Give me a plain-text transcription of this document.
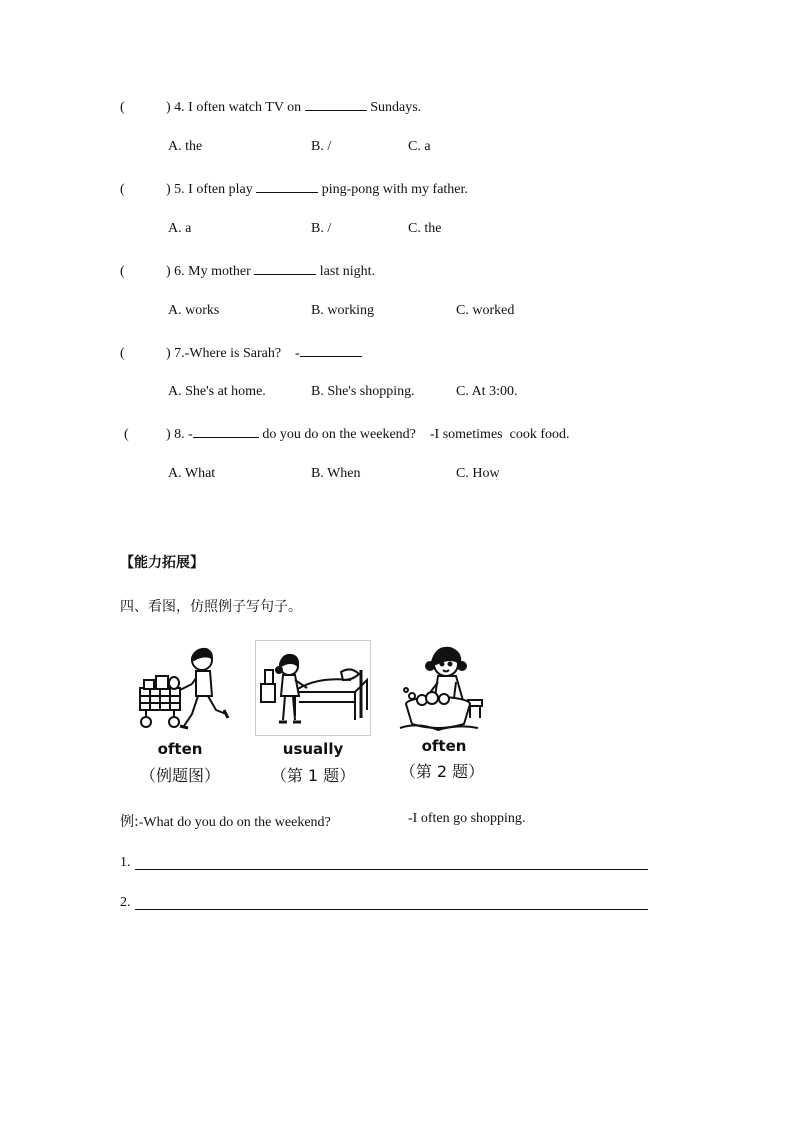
(	) 4. I often watch TV on	Sundays.
A. the	B. /	C. a
(	) 5. I often play	ping-pong with my father.
A. a	B. /	C. the
(	) 6. My mother	last night.
A. works	B. working	C. worked
(	) 7.-Where is Sarah?    -
A. She's at home.	B. She's shopping.	C. At 3:00.
(	) 8. -	do you do on the weekend?    -I sometimes  cook food.
A. What	B. When	C. How
【能力拓展】
四、看图，仿照例子写句子。
often
（例题图）
usually
（第 1 题）
often
（第 2 题）
例:-What do you do on the weekend?	-I often go shopping.
1.
2.
